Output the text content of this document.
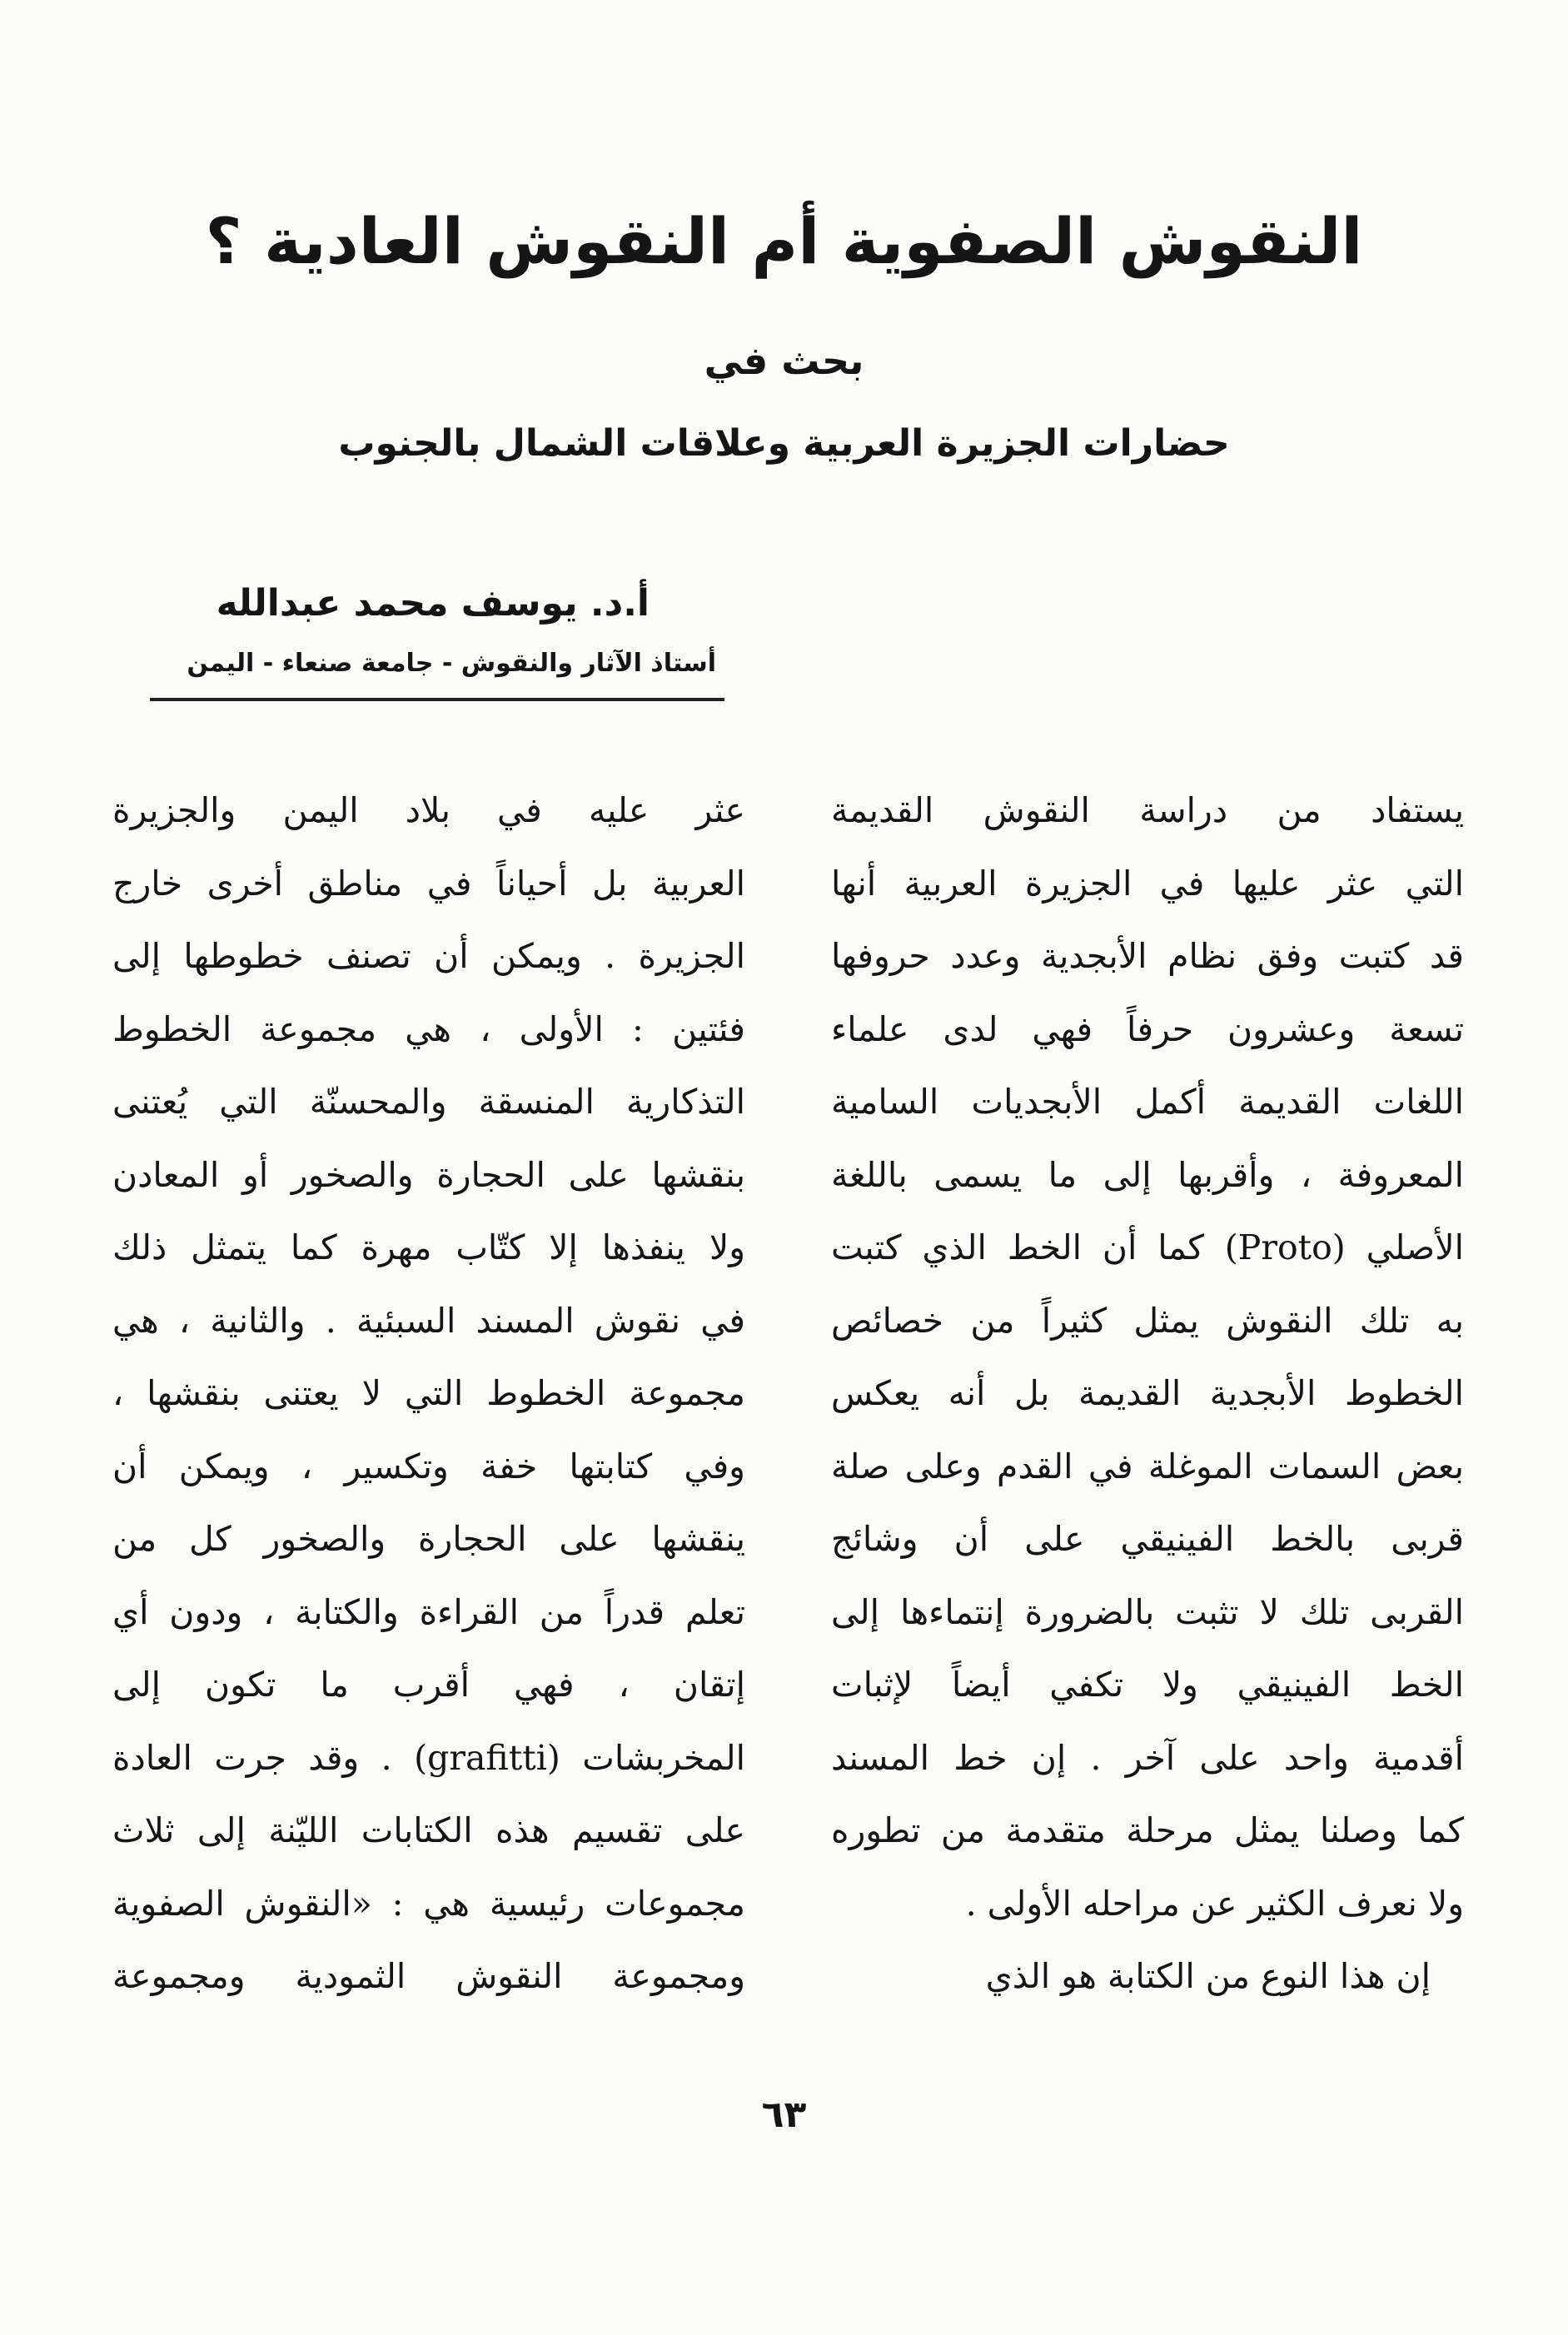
النقوش الصفوية أم النقوش العادية ؟
بحث في
حضارات الجزيرة العربية وعلاقات الشمال بالجنوب
أ.د. يوسف محمد عبدالله
أستاذ الآثار والنقوش - جامعة صنعاء - اليمن
يستفاد من دراسة النقوش القديمة
التي عثر عليها في الجزيرة العربية أنها
قد كتبت وفق نظام الأبجدية وعدد حروفها
تسعة وعشرون حرفاً فهي لدى علماء
اللغات القديمة أكمل الأبجديات السامية
المعروفة ، وأقربها إلى ما يسمى باللغة
الأصلي (Proto) كما أن الخط الذي كتبت
به تلك النقوش يمثل كثيراً من خصائص
الخطوط الأبجدية القديمة بل أنه يعكس
بعض السمات الموغلة في القدم وعلى صلة
قربى بالخط الفينيقي على أن وشائج
القربى تلك لا تثبت بالضرورة إنتماءها إلى
الخط الفينيقي ولا تكفي أيضاً لإثبات
أقدمية واحد على آخر . إن خط المسند
كما وصلنا يمثل مرحلة متقدمة من تطوره
ولا نعرف الكثير عن مراحله الأولى .
إن هذا النوع من الكتابة هو الذي
عثر عليه في بلاد اليمن والجزيرة
العربية بل أحياناً في مناطق أخرى خارج
الجزيرة . ويمكن أن تصنف خطوطها إلى
فئتين : الأولى ، هي مجموعة الخطوط
التذكارية المنسقة والمحسنّة التي يُعتنى
بنقشها على الحجارة والصخور أو المعادن
ولا ينفذها إلا كتّاب مهرة كما يتمثل ذلك
في نقوش المسند السبئية . والثانية ، هي
مجموعة الخطوط التي لا يعتنى بنقشها ،
وفي كتابتها خفة وتكسير ، ويمكن أن
ينقشها على الحجارة والصخور كل من
تعلم قدراً من القراءة والكتابة ، ودون أي
إتقان ، فهي أقرب ما تكون إلى
المخربشات (grafitti) . وقد جرت العادة
على تقسيم هذه الكتابات الليّنة إلى ثلاث
مجموعات رئيسية هي : «النقوش الصفوية
ومجموعة النقوش الثمودية ومجموعة
٦٣
